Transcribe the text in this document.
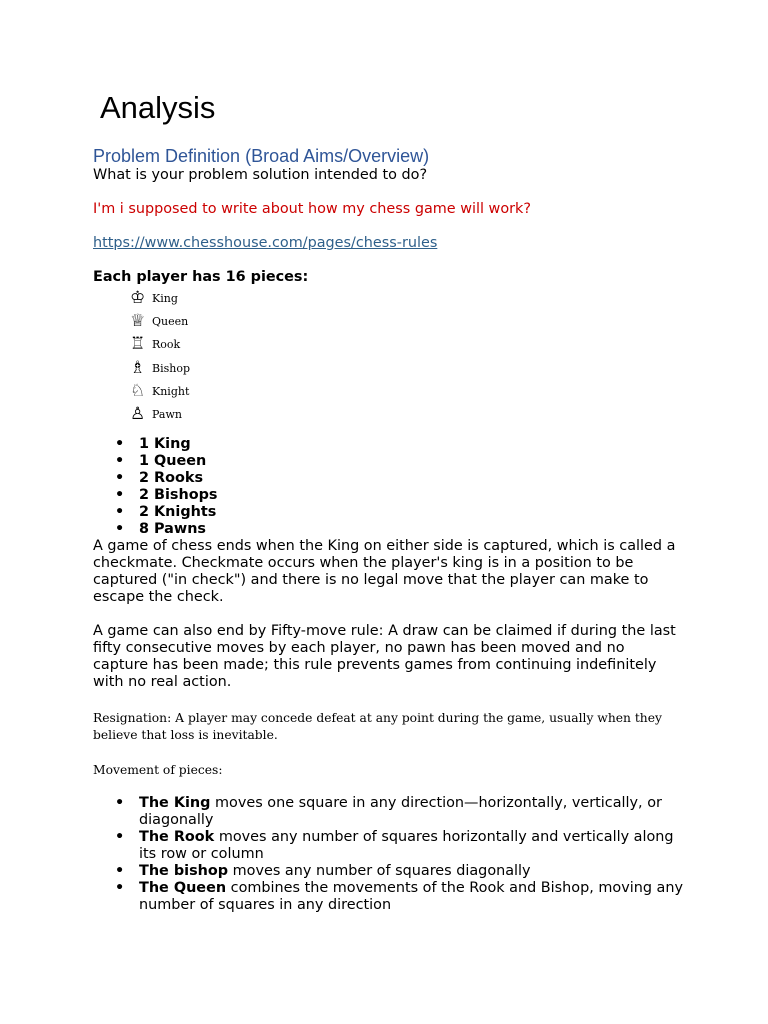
Analysis
Problem Definition (Broad Aims/Overview)
What is your problem solution intended to do?
I'm i supposed to write about how my chess game will work?
https://www.chesshouse.com/pages/chess-rules
Each player has 16 pieces:
♔ King
♕ Queen
♖ Rook
♗ Bishop
♘ Knight
♙ Pawn
• 1 King
• 1 Queen
• 2 Rooks
• 2 Bishops
• 2 Knights
• 8 Pawns
A game of chess ends when the King on either side is captured, which is called a checkmate. Checkmate occurs when the player's king is in a position to be captured ("in check") and there is no legal move that the player can make to escape the check.
A game can also end by Fifty-move rule: A draw can be claimed if during the last fifty consecutive moves by each player, no pawn has been moved and no capture has been made; this rule prevents games from continuing indefinitely with no real action.
Resignation: A player may concede defeat at any point during the game, usually when they believe that loss is inevitable.
Movement of pieces:
• The King moves one square in any direction—horizontally, vertically, or diagonally
• The Rook moves any number of squares horizontally and vertically along its row or column
• The bishop moves any number of squares diagonally
• The Queen combines the movements of the Rook and Bishop, moving any number of squares in any direction
